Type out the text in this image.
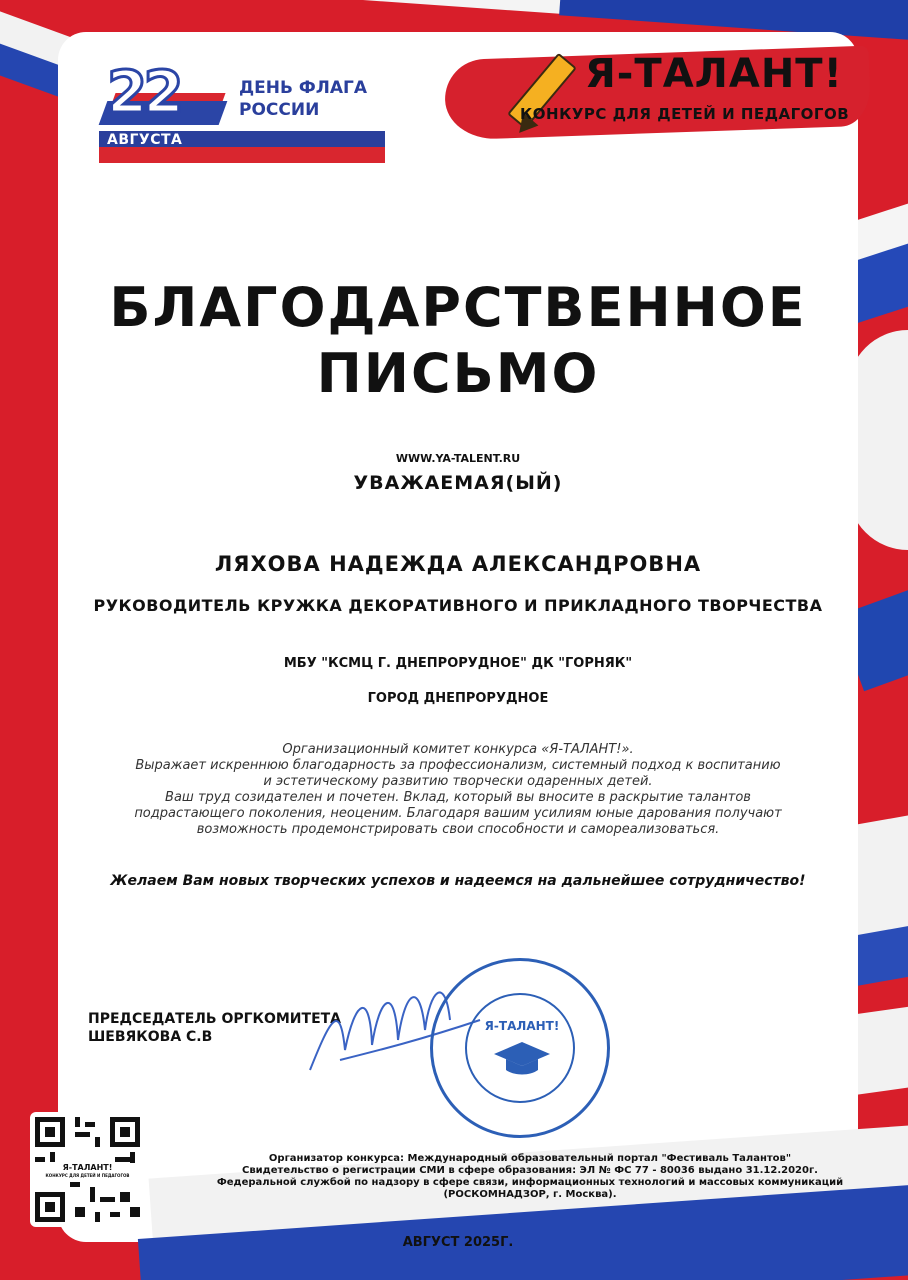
22
АВГУСТА
ДЕНЬ ФЛАГА
РОССИИ
Я-ТАЛАНТ!
КОНКУРС ДЛЯ ДЕТЕЙ И ПЕДАГОГОВ
БЛАГОДАРСТВЕННОЕ
ПИСЬМО
WWW.YA-TALENT.RU
УВАЖАЕМАЯ(ЫЙ)
ЛЯХОВА НАДЕЖДА АЛЕКСАНДРОВНА
РУКОВОДИТЕЛЬ КРУЖКА ДЕКОРАТИВНОГО И ПРИКЛАДНОГО ТВОРЧЕСТВА
МБУ "КСМЦ Г. ДНЕПРОРУДНОЕ" ДК "ГОРНЯК"
ГОРОД ДНЕПРОРУДНОЕ
Организационный комитет конкурса «Я-ТАЛАНТ!».
Выражает искреннюю благодарность за профессионализм, системный подход к воспитанию
и эстетическому развитию творчески одаренных детей.
Ваш труд созидателен и почетен. Вклад, который вы вносите в раскрытие талантов
подрастающего поколения, неоценим. Благодаря вашим усилиям юные дарования получают
возможность продемонстрировать свои способности и самореализоваться.
Желаем Вам новых творческих успехов и надеемся на дальнейшее сотрудничество!
ПРЕДСЕДАТЕЛЬ ОРГКОМИТЕТА
ШЕВЯКОВА С.В
Я-ТАЛАНТ!
Я-ТАЛАНТ!
КОНКУРС ДЛЯ ДЕТЕЙ И ПЕДАГОГОВ
Организатор конкурса: Международный образовательный портал "Фестиваль Талантов"
Свидетельство о регистрации СМИ в сфере образования: ЭЛ № ФС 77 - 80036 выдано 31.12.2020г.
Федеральной службой по надзору в сфере связи, информационных технологий и массовых коммуникаций
(РОСКОМНАДЗОР, г. Москва).
АВГУСТ 2025Г.
